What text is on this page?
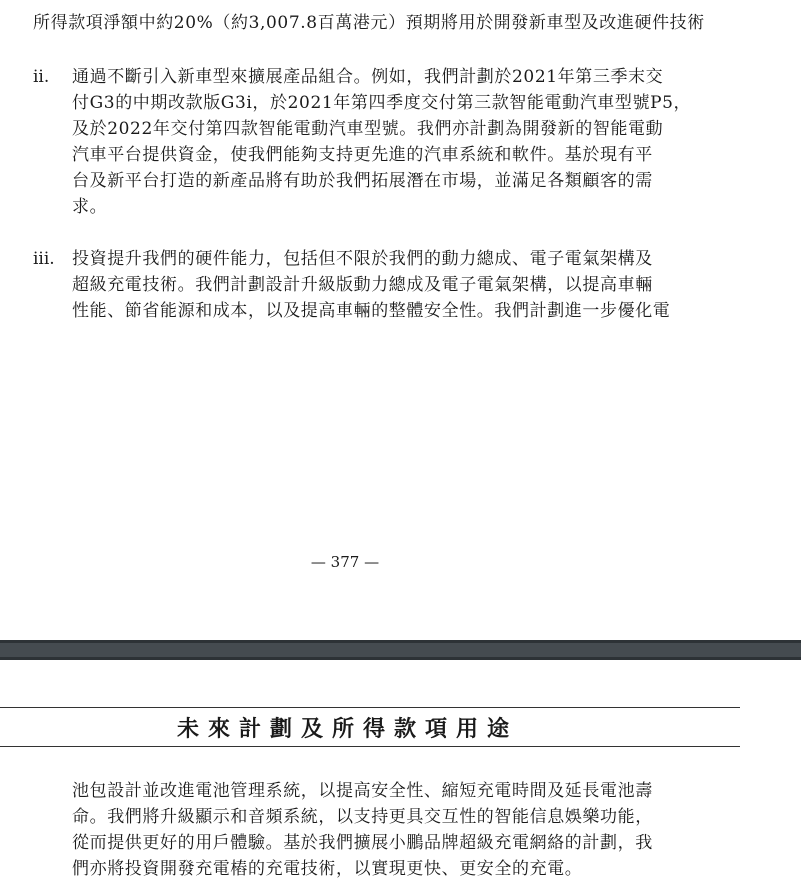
所得款項淨額中約20%（約3,007.8百萬港元）預期將用於開發新車型及改進硬件技術
ii. 通過不斷引入新車型來擴展產品組合。例如，我們計劃於2021年第三季末交
付G3的中期改款版G3i，於2021年第四季度交付第三款智能電動汽車型號P5，
及於2022年交付第四款智能電動汽車型號。我們亦計劃為開發新的智能電動
汽車平台提供資金，使我們能夠支持更先進的汽車系統和軟件。基於現有平
台及新平台打造的新產品將有助於我們拓展潛在市場，並滿足各類顧客的需
求。
iii. 投資提升我們的硬件能力，包括但不限於我們的動力總成、電子電氣架構及
超級充電技術。我們計劃設計升級版動力總成及電子電氣架構，以提高車輛
性能、節省能源和成本，以及提高車輛的整體安全性。我們計劃進一步優化電
— 377 —
未來計劃及所得款項用途
池包設計並改進電池管理系統，以提高安全性、縮短充電時間及延長電池壽
命。我們將升級顯示和音頻系統，以支持更具交互性的智能信息娛樂功能，
從而提供更好的用戶體驗。基於我們擴展小鵬品牌超級充電網絡的計劃，我
們亦將投資開發充電樁的充電技術，以實現更快、更安全的充電。
